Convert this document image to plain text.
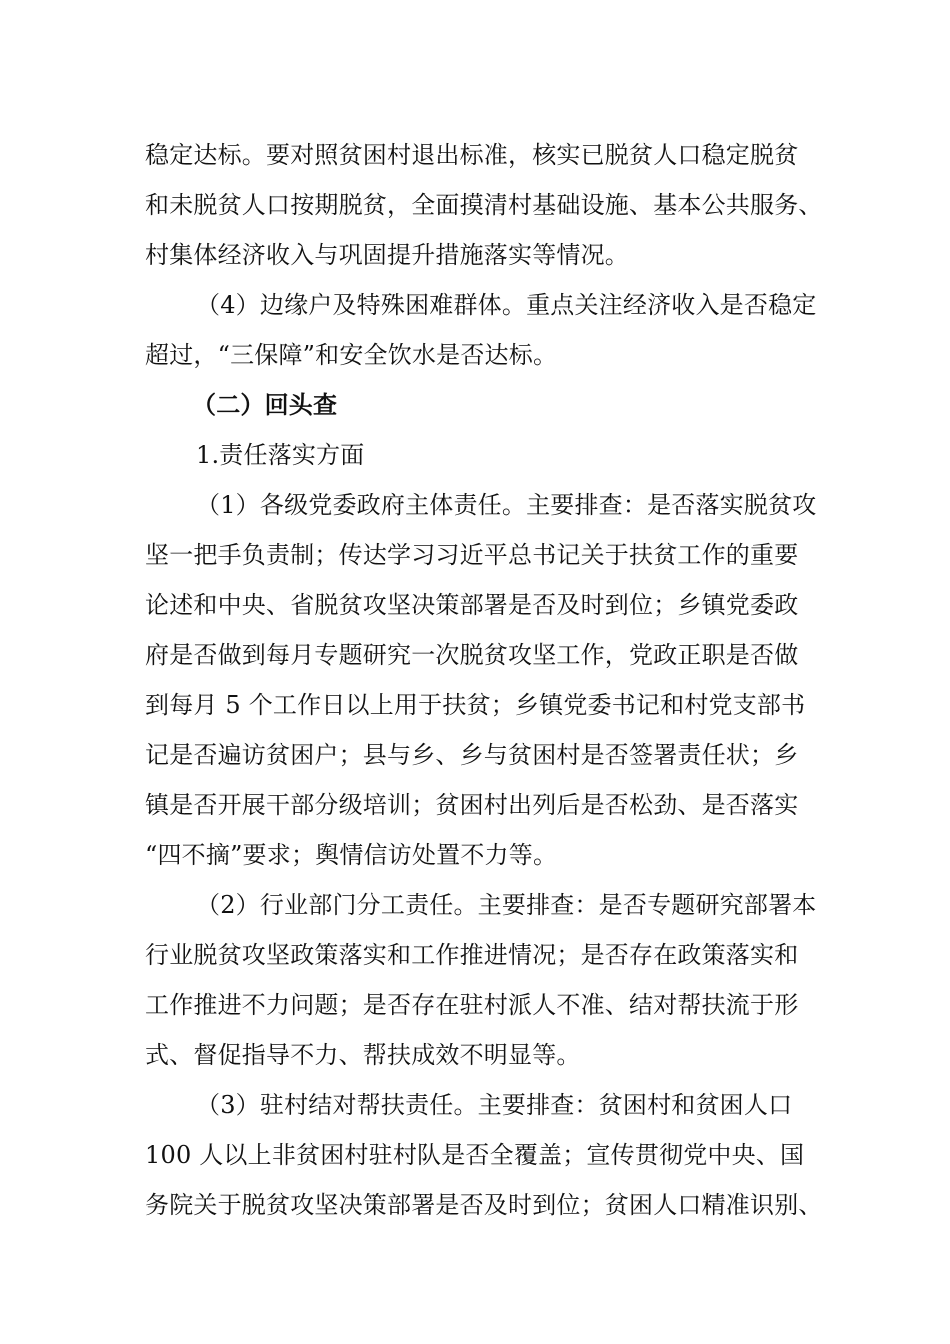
稳定达标。要对照贫困村退出标准，核实已脱贫人口稳定脱贫
和未脱贫人口按期脱贫，全面摸清村基础设施、基本公共服务、
村集体经济收入与巩固提升措施落实等情况。
（4）边缘户及特殊困难群体。重点关注经济收入是否稳定
超过，“三保障”和安全饮水是否达标。
（二）回头查
1.责任落实方面
（1）各级党委政府主体责任。主要排查：是否落实脱贫攻
坚一把手负责制；传达学习习近平总书记关于扶贫工作的重要
论述和中央、省脱贫攻坚决策部署是否及时到位；乡镇党委政
府是否做到每月专题研究一次脱贫攻坚工作，党政正职是否做
到每月 5 个工作日以上用于扶贫；乡镇党委书记和村党支部书
记是否遍访贫困户；县与乡、乡与贫困村是否签署责任状；乡
镇是否开展干部分级培训；贫困村出列后是否松劲、是否落实
“四不摘”要求；舆情信访处置不力等。
（2）行业部门分工责任。主要排查：是否专题研究部署本
行业脱贫攻坚政策落实和工作推进情况；是否存在政策落实和
工作推进不力问题；是否存在驻村派人不准、结对帮扶流于形
式、督促指导不力、帮扶成效不明显等。
（3）驻村结对帮扶责任。主要排查：贫困村和贫困人口
100 人以上非贫困村驻村队是否全覆盖；宣传贯彻党中央、国
务院关于脱贫攻坚决策部署是否及时到位；贫困人口精准识别、
